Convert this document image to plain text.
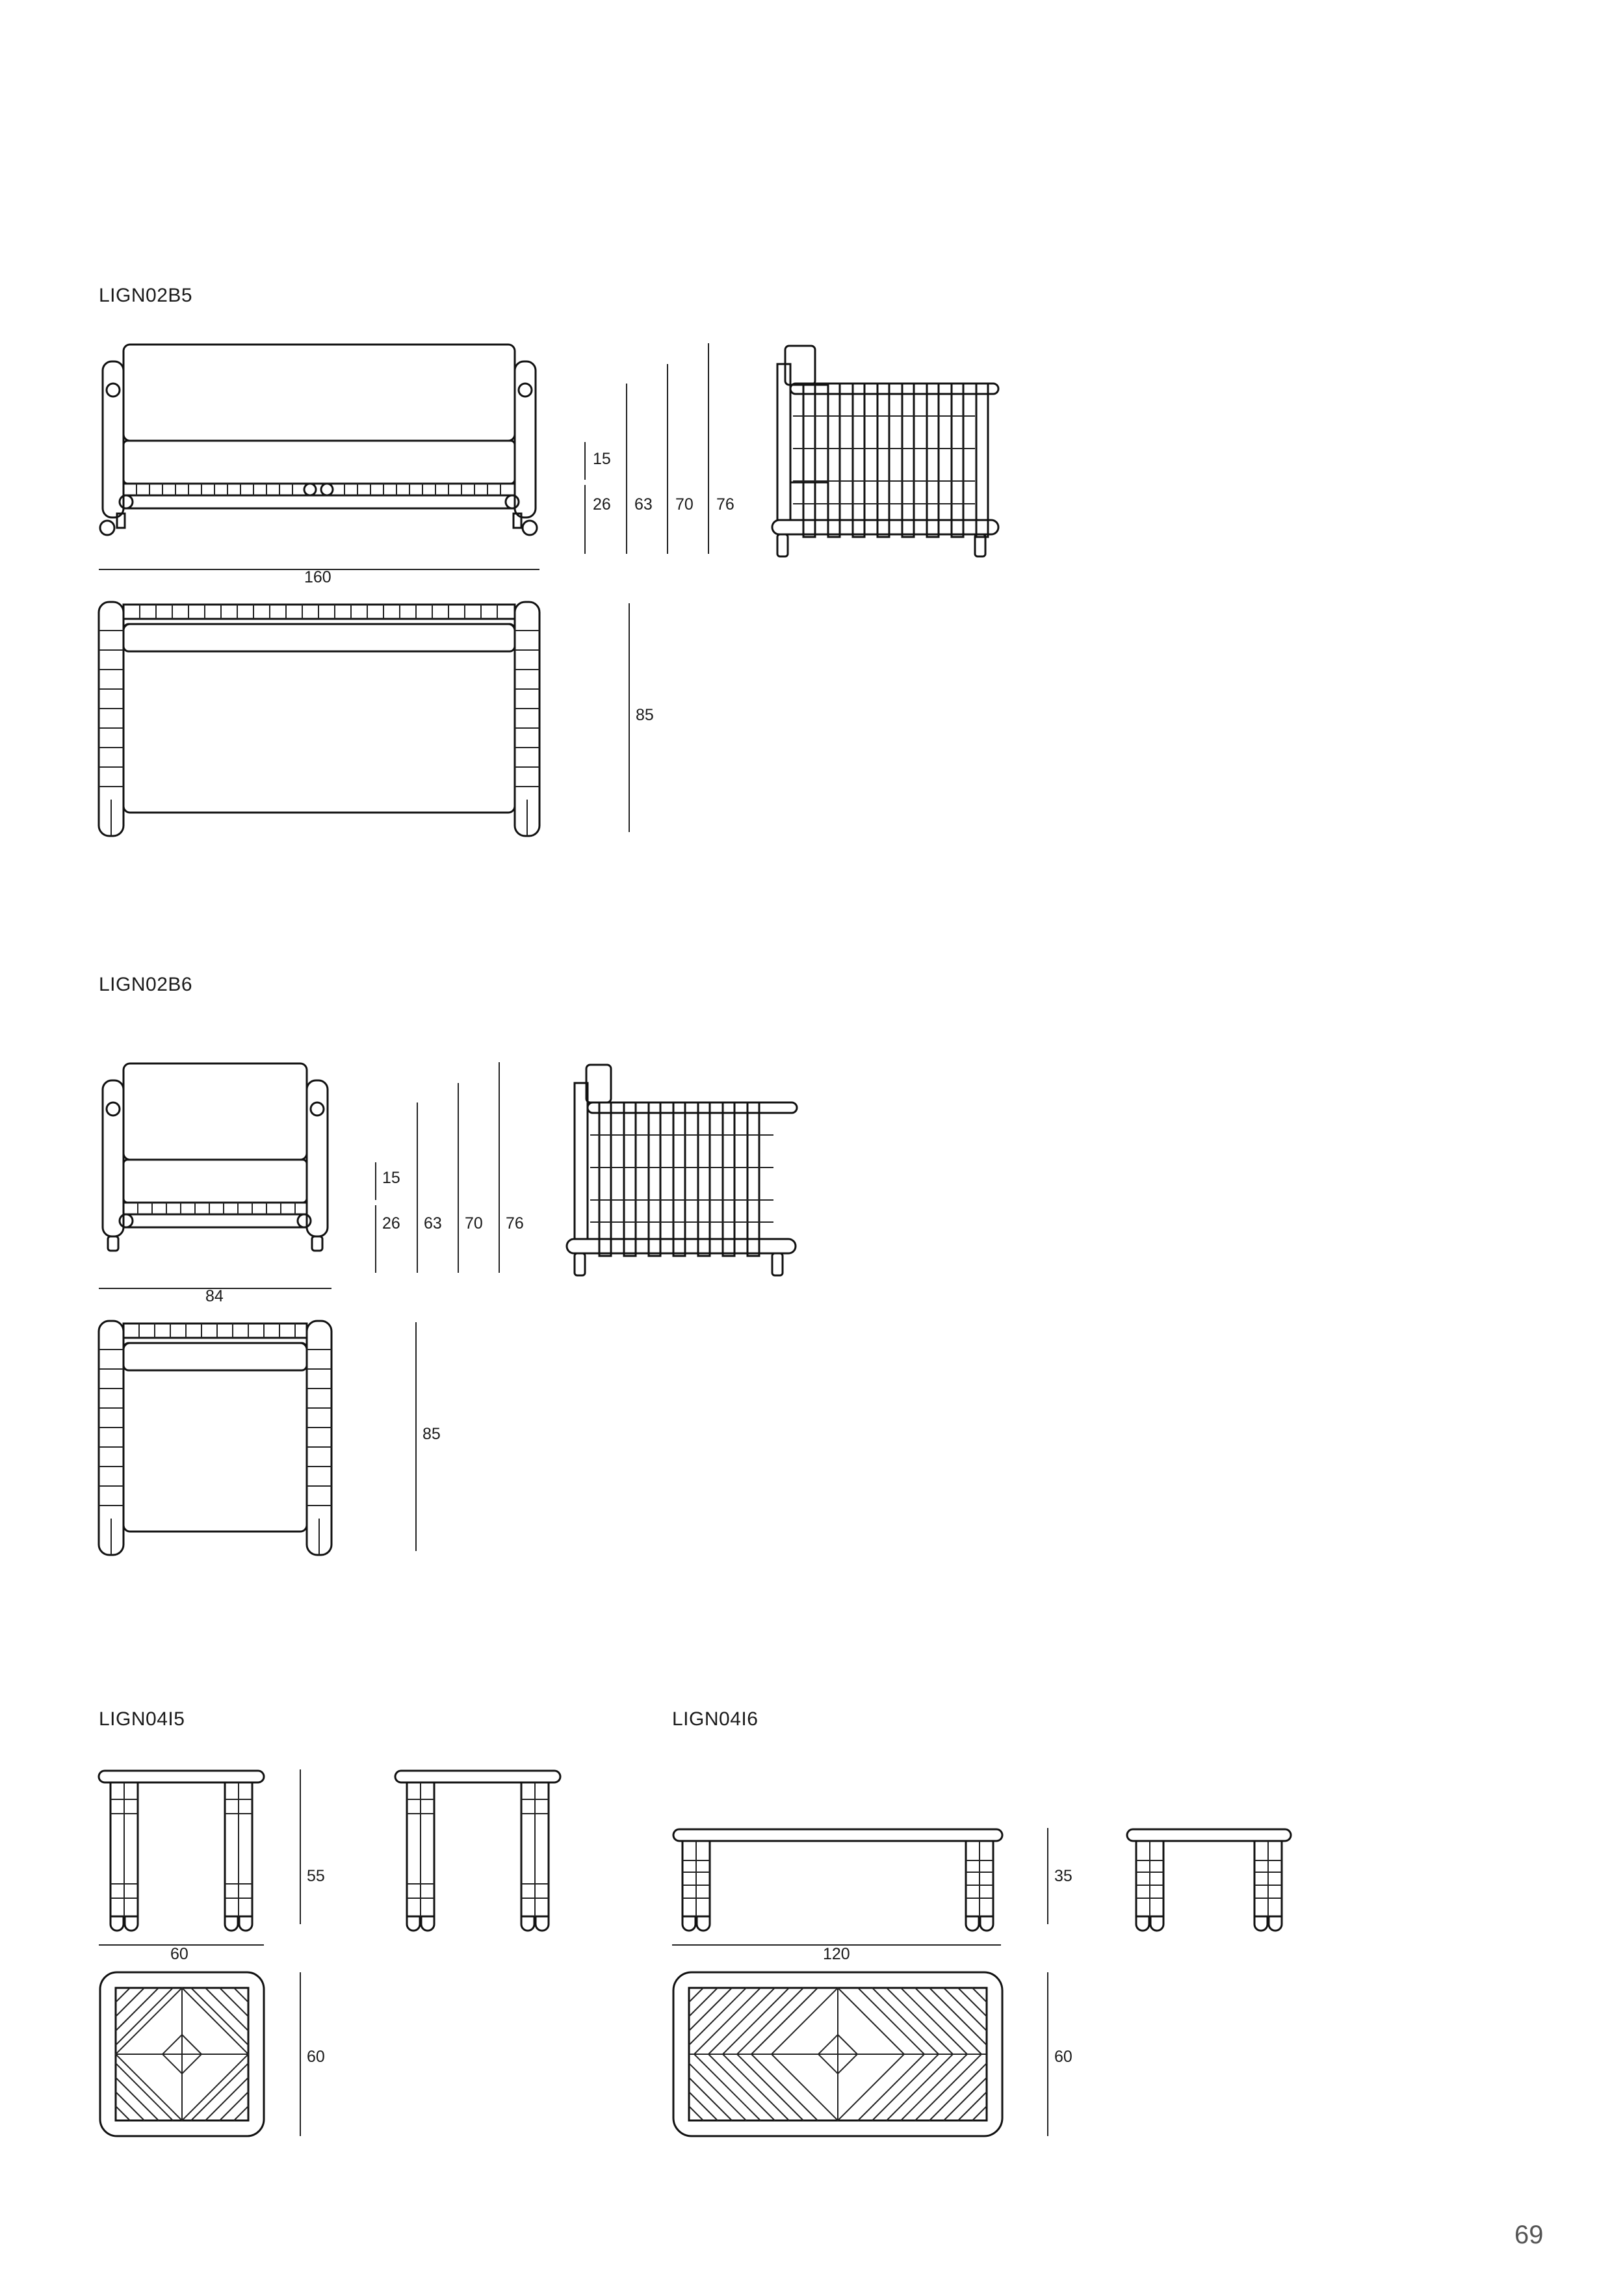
LIGN02B5
LIGN02B6
LIGN04I5	LIGN04I6
15
26 63 70 76
160
85
15
26 63 70 76
84
85
55
60
60
35
120
60
69
